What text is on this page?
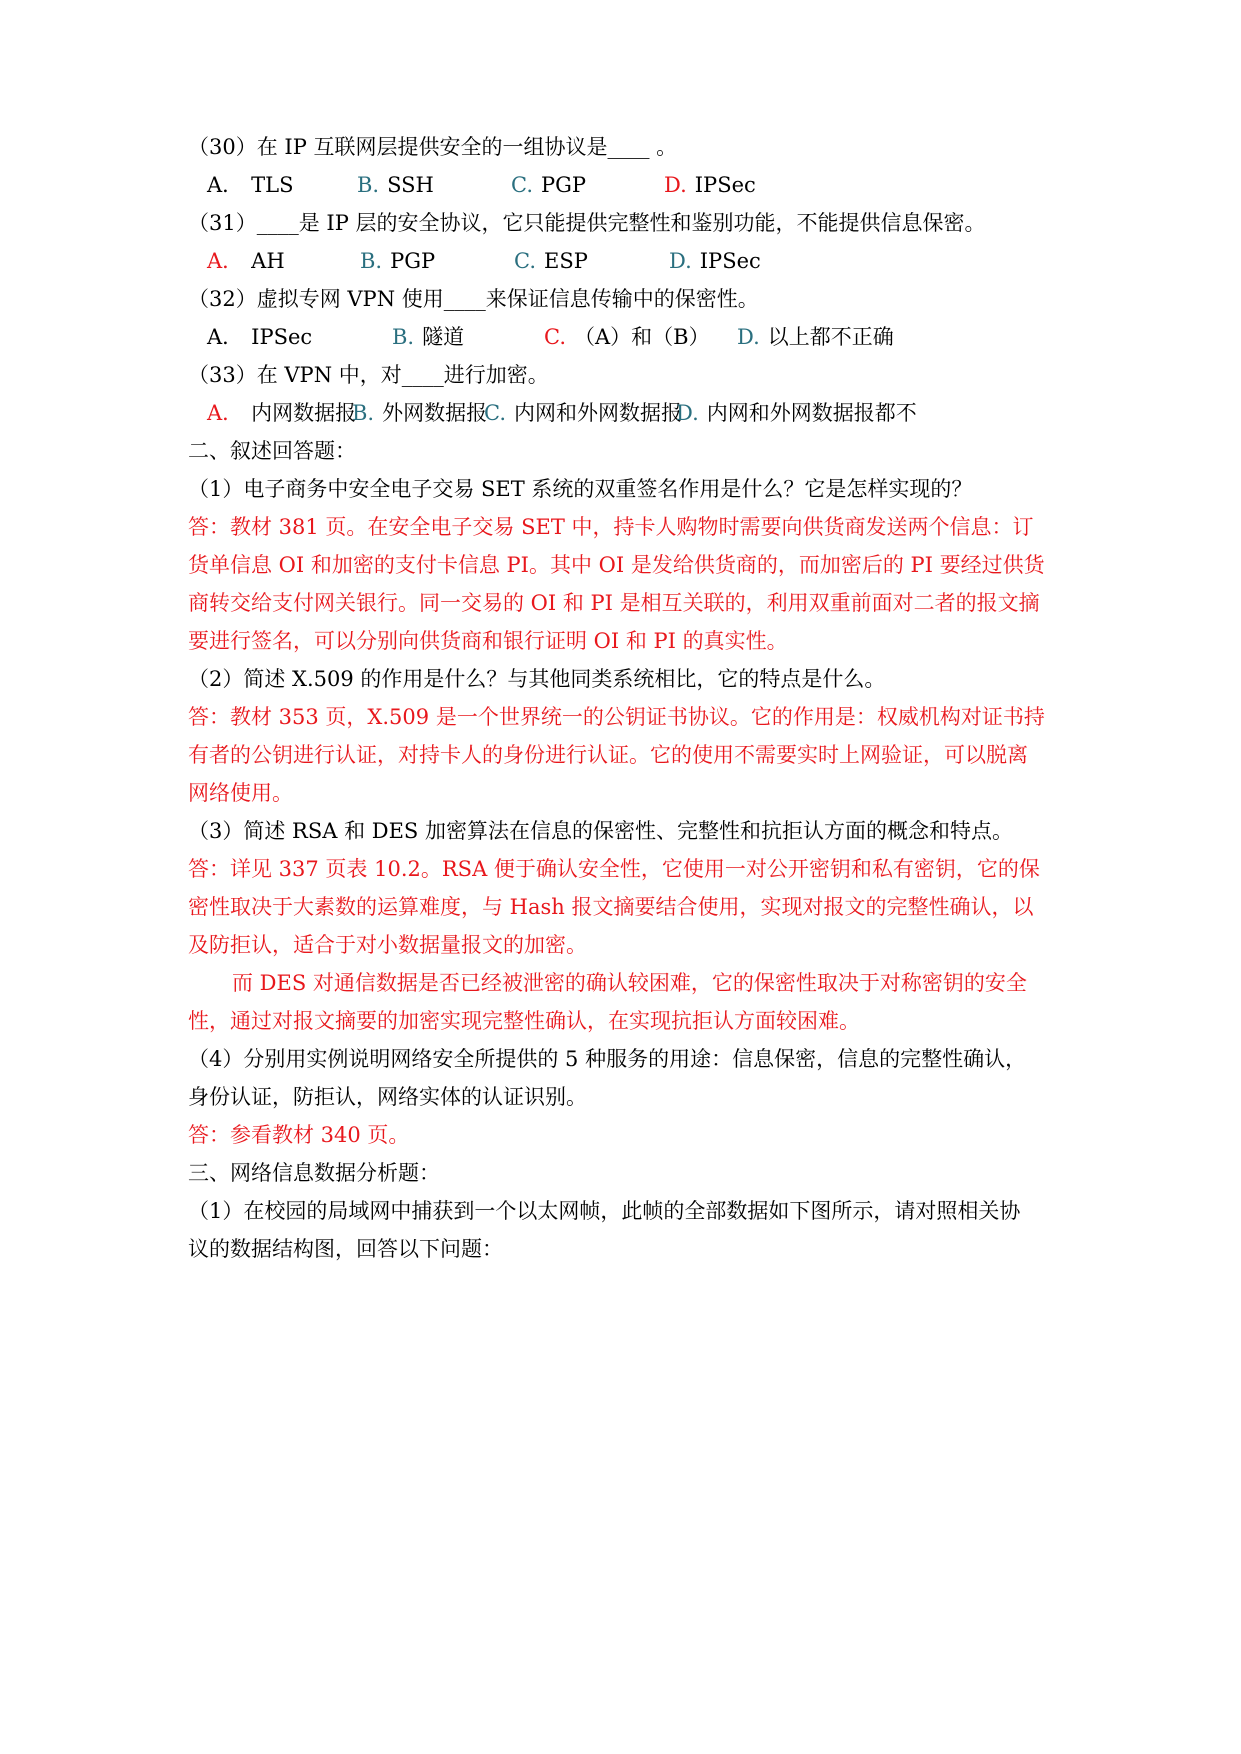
（30）在 IP 互联网层提供安全的一组协议是____ 。
A． TLS	B. SSH	C. PGP	D. IPSec
（31）____是 IP 层的安全协议，它只能提供完整性和鉴别功能，不能提供信息保密。
A． AH	B. PGP	C. ESP	D. IPSec
（32）虚拟专网 VPN 使用____来保证信息传输中的保密性。
A． IPSec	B. 隧道	C. （A）和（B） D. 以上都不正确
（33）在 VPN 中，对____进行加密。
A． 内网数据报
B. 外网数据报
C. 内网和外网数据报
D. 内网和外网数据报都不
二、叙述回答题：
（1）电子商务中安全电子交易 SET 系统的双重签名作用是什么？它是怎样实现的？
答：教材 381 页。在安全电子交易 SET 中，持卡人购物时需要向供货商发送两个信息：订
货单信息 OI 和加密的支付卡信息 PI。其中 OI 是发给供货商的，而加密后的 PI 要经过供货
商转交给支付网关银行。同一交易的 OI 和 PI 是相互关联的，利用双重前面对二者的报文摘
要进行签名，可以分别向供货商和银行证明 OI 和 PI 的真实性。
（2）简述 X.509 的作用是什么？与其他同类系统相比，它的特点是什么。
答：教材 353 页，X.509 是一个世界统一的公钥证书协议。它的作用是：权威机构对证书持
有者的公钥进行认证，对持卡人的身份进行认证。它的使用不需要实时上网验证，可以脱离
网络使用。
（3）简述 RSA 和 DES 加密算法在信息的保密性、完整性和抗拒认方面的概念和特点。
答：详见 337 页表 10.2。RSA 便于确认安全性，它使用一对公开密钥和私有密钥，它的保
密性取决于大素数的运算难度，与 Hash 报文摘要结合使用，实现对报文的完整性确认，以
及防拒认，适合于对小数据量报文的加密。
而 DES 对通信数据是否已经被泄密的确认较困难，它的保密性取决于对称密钥的安全
性，通过对报文摘要的加密实现完整性确认，在实现抗拒认方面较困难。
（4）分别用实例说明网络安全所提供的 5 种服务的用途：信息保密，信息的完整性确认，
身份认证，防拒认，网络实体的认证识别。
答：参看教材 340 页。
三、网络信息数据分析题：
（1）在校园的局域网中捕获到一个以太网帧，此帧的全部数据如下图所示，请对照相关协
议的数据结构图，回答以下问题：
